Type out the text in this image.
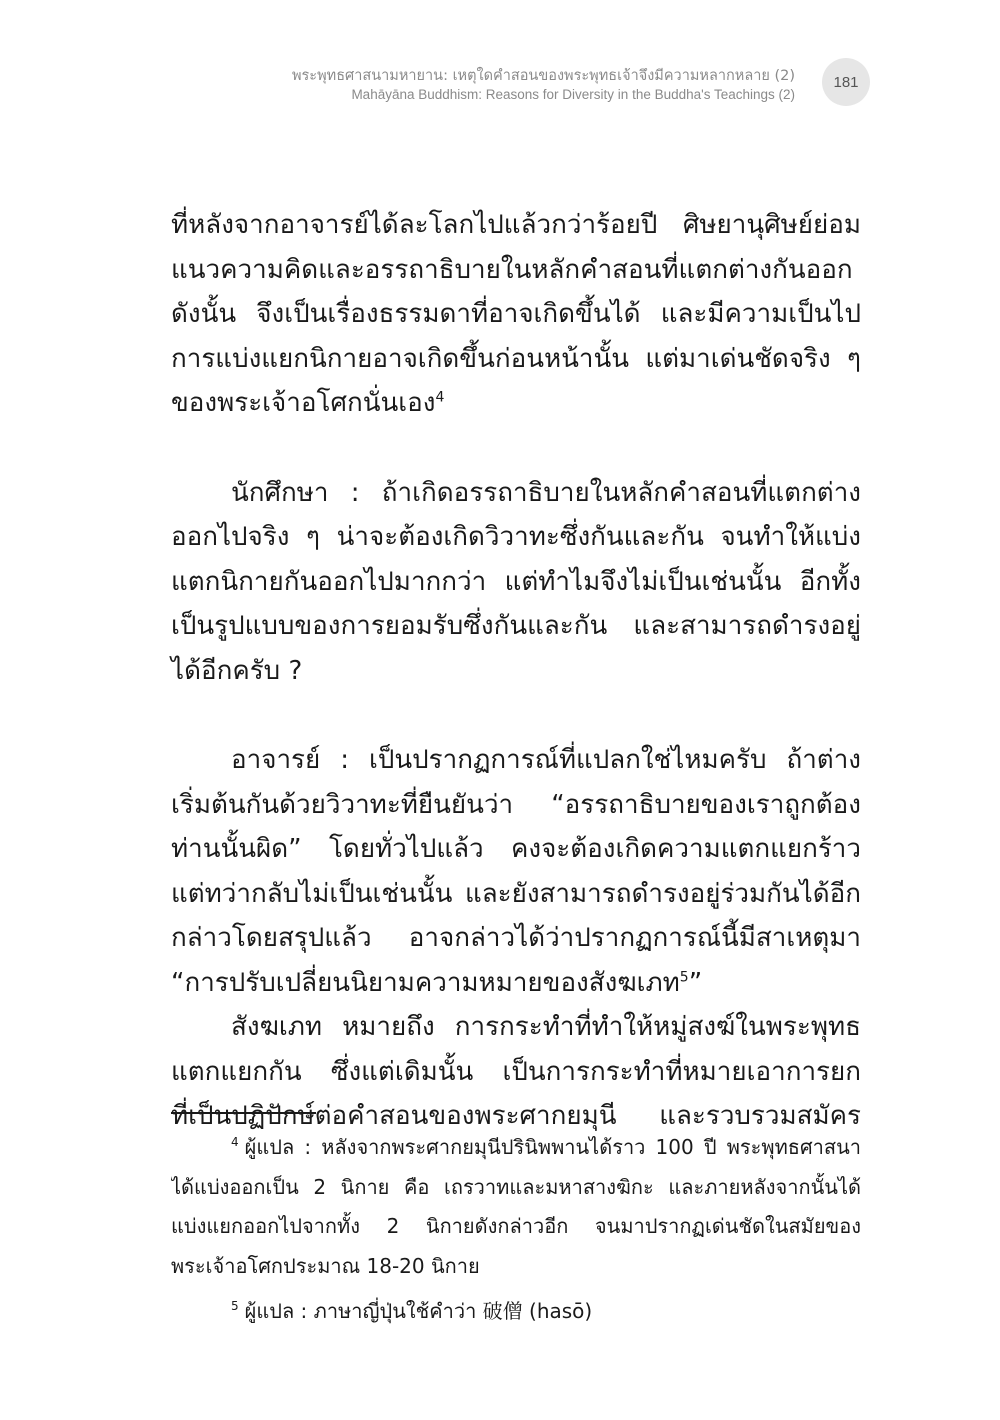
พระพุทธศาสนามหายาน: เหตุใดคำสอนของพระพุทธเจ้าจึงมีความหลากหลาย (2)
Mahāyāna Buddhism: Reasons for Diversity in the Buddha's Teachings (2)
181
ที่หลังจากอาจารย์ได้ละโลกไปแล้วกว่าร้อยปี ศิษยานุศิษย์ย่อม
แนวความคิดและอรรถาธิบายในหลักคำสอนที่แตกต่างกันออก
ดังนั้น จึงเป็นเรื่องธรรมดาที่อาจเกิดขึ้นได้ และมีความเป็นไป
การแบ่งแยกนิกายอาจเกิดขึ้นก่อนหน้านั้น แต่มาเด่นชัดจริง ๆ
ของพระเจ้าอโศกนั่นเอง$^4$
นักศึกษา : ถ้าเกิดอรรถาธิบายในหลักคำสอนที่แตกต่าง
ออกไปจริง ๆ น่าจะต้องเกิดวิวาทะซึ่งกันและกัน จนทำให้แบ่ง
แตกนิกายกันออกไปมากกว่า แต่ทำไมจึงไม่เป็นเช่นนั้น อีกทั้ง
เป็นรูปแบบของการยอมรับซึ่งกันและกัน และสามารถดำรงอยู่
ได้อีกครับ ?
อาจารย์ : เป็นปรากฏการณ์ที่แปลกใช่ไหมครับ ถ้าต่าง
เริ่มต้นกันด้วยวิวาทะที่ยืนยันว่า “อรรถาธิบายของเราถูกต้อง
ท่านนั้นผิด” โดยทั่วไปแล้ว คงจะต้องเกิดความแตกแยกร้าว
แต่ทว่ากลับไม่เป็นเช่นนั้น และยังสามารถดำรงอยู่ร่วมกันได้อีก
กล่าวโดยสรุปแล้ว อาจกล่าวได้ว่าปรากฏการณ์นี้มีสาเหตุมา
“การปรับเปลี่ยนนิยามความหมายของสังฆเภท$^5$”
สังฆเภท หมายถึง การกระทำที่ทำให้หมู่สงฆ์ในพระพุทธ
แตกแยกกัน ซึ่งแต่เดิมนั้น เป็นการกระทำที่หมายเอาการยก
ที่เป็นปฏิปักษ์ต่อคำสอนของพระศากยมุนี และรวบรวมสมัคร
$^4$ ผู้แปล : หลังจากพระศากยมุนีปรินิพพานได้ราว 100 ปี พระพุทธศาสนา
ได้แบ่งออกเป็น 2 นิกาย คือ เถรวาทและมหาสางฆิกะ และภายหลังจากนั้นได้
แบ่งแยกออกไปจากทั้ง 2 นิกายดังกล่าวอีก จนมาปรากฏเด่นชัดในสมัยของ
พระเจ้าอโศกประมาณ 18-20 นิกาย
$^5$ ผู้แปล : ภาษาญี่ปุ่นใช้คำว่า 破僧 (hasō)
